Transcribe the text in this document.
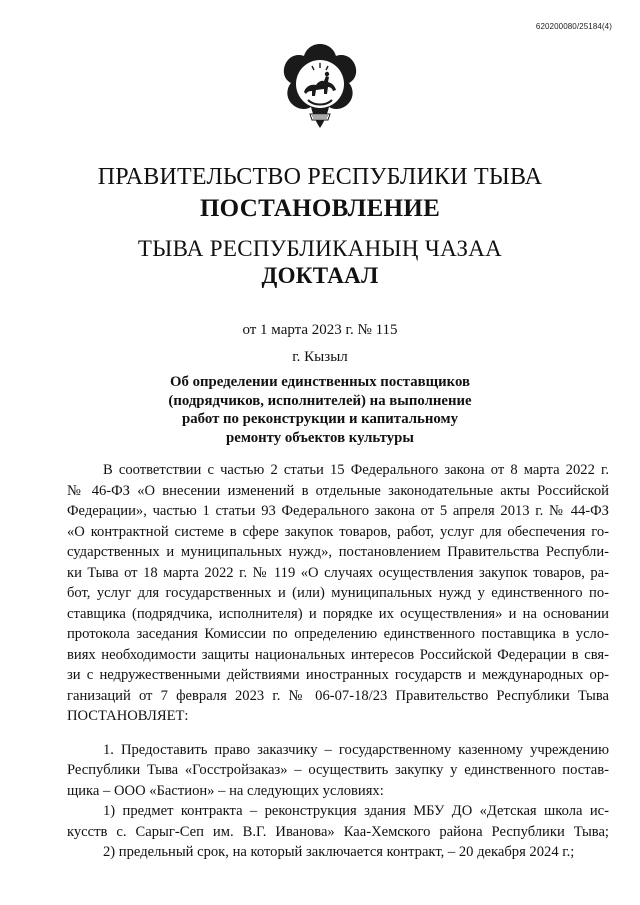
620200080/25184(4)
ПРАВИТЕЛЬСТВО РЕСПУБЛИКИ ТЫВА
ПОСТАНОВЛЕНИЕ
ТЫВА РЕСПУБЛИКАНЫҢ ЧАЗАА
ДОКТААЛ
от 1 марта 2023 г. № 115
г. Кызыл
Об определении единственных поставщиков
(подрядчиков, исполнителей) на выполнение
работ по реконструкции и капитальному
ремонту объектов культуры
В соответствии с частью 2 статьи 15 Федерального закона от 8 марта 2022 г.
№ 46-ФЗ «О внесении изменений в отдельные законодательные акты Российской
Федерации», частью 1 статьи 93 Федерального закона от 5 апреля 2013 г. № 44-ФЗ
«О контрактной системе в сфере закупок товаров, работ, услуг для обеспечения го-
сударственных и муниципальных нужд», постановлением Правительства Республи-
ки Тыва от 18 марта 2022 г. № 119 «О случаях осуществления закупок товаров, ра-
бот, услуг для государственных и (или) муниципальных нужд у единственного по-
ставщика (подрядчика, исполнителя) и порядке их осуществления» и на основании
протокола заседания Комиссии по определению единственного поставщика в усло-
виях необходимости защиты национальных интересов Российской Федерации в свя-
зи с недружественными действиями иностранных государств и международных ор-
ганизаций от 7 февраля 2023 г. № 06-07-18/23 Правительство Республики Тыва
ПОСТАНОВЛЯЕТ:
1. Предоставить право заказчику – государственному казенному учреждению
Республики Тыва «Госстройзаказ» – осуществить закупку у единственного постав-
щика – ООО «Бастион» – на следующих условиях:
1) предмет контракта – реконструкция здания МБУ ДО «Детская школа ис-
кусств с. Сарыг-Сеп им. В.Г. Иванова» Каа-Хемского района Республики Тыва;
2) предельный срок, на который заключается контракт, – 20 декабря 2024 г.;
